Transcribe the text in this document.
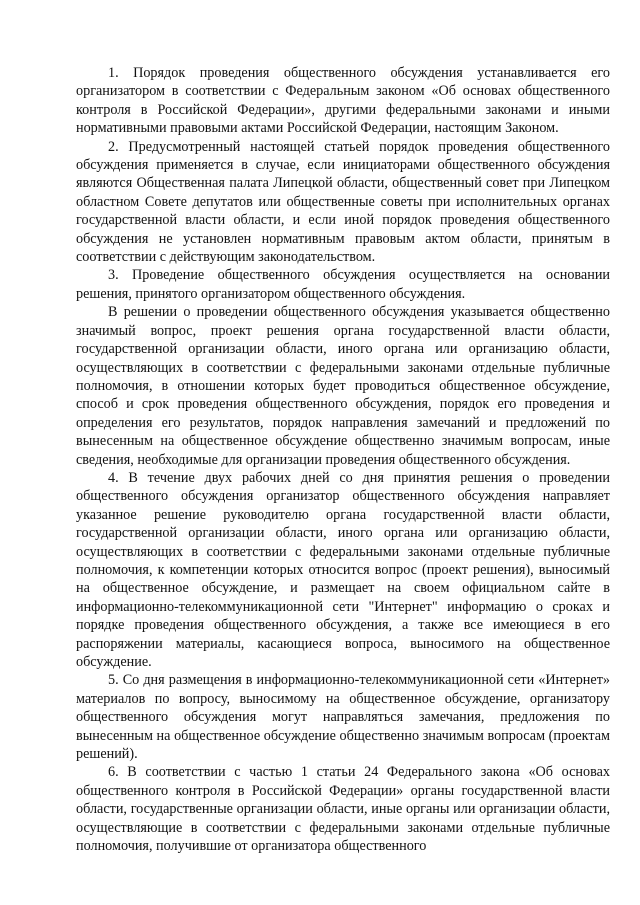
1. Порядок проведения общественного обсуждения устанавливается его организатором в соответствии с Федеральным законом «Об основах общественного контроля в Российской Федерации», другими федеральными законами и иными нормативными правовыми актами Российской Федерации, настоящим Законом.

2. Предусмотренный настоящей статьей порядок проведения общественного обсуждения применяется в случае, если инициаторами общественного обсуждения являются Общественная палата Липецкой области, общественный совет при Липецком областном Совете депутатов или общественные советы при исполнительных органах государственной власти области, и если иной порядок проведения общественного обсуждения не установлен нормативным правовым актом области, принятым в соответствии с действующим законодательством.

3. Проведение общественного обсуждения осуществляется на основании решения, принятого организатором общественного обсуждения.

В решении о проведении общественного обсуждения указывается общественно значимый вопрос, проект решения органа государственной власти области, государственной организации области, иного органа или организацию области, осуществляющих в соответствии с федеральными законами отдельные публичные полномочия, в отношении которых будет проводиться общественное обсуждение, способ и срок проведения общественного обсуждения, порядок его проведения и определения его результатов, порядок направления замечаний и предложений по вынесенным на общественное обсуждение общественно значимым вопросам, иные сведения, необходимые для организации проведения общественного обсуждения.

4. В течение двух рабочих дней со дня принятия решения о проведении общественного обсуждения организатор общественного обсуждения направляет указанное решение руководителю органа государственной власти области, государственной организации области, иного органа или организацию области, осуществляющих в соответствии с федеральными законами отдельные публичные полномочия, к компетенции которых относится вопрос (проект решения), выносимый на общественное обсуждение, и размещает на своем официальном сайте в информационно-телекоммуникационной сети "Интернет" информацию о сроках и порядке проведения общественного обсуждения, а также все имеющиеся в его распоряжении материалы, касающиеся вопроса, выносимого на общественное обсуждение.

5. Со дня размещения в информационно-телекоммуникационной сети «Интернет» материалов по вопросу, выносимому на общественное обсуждение, организатору общественного обсуждения могут направляться замечания, предложения по вынесенным на общественное обсуждение общественно значимым вопросам (проектам решений).

6. В соответствии с частью 1 статьи 24 Федерального закона «Об основах общественного контроля в Российской Федерации» органы государственной власти области, государственные организации области, иные органы или организации области, осуществляющие в соответствии с федеральными законами отдельные публичные полномочия, получившие от организатора общественного
